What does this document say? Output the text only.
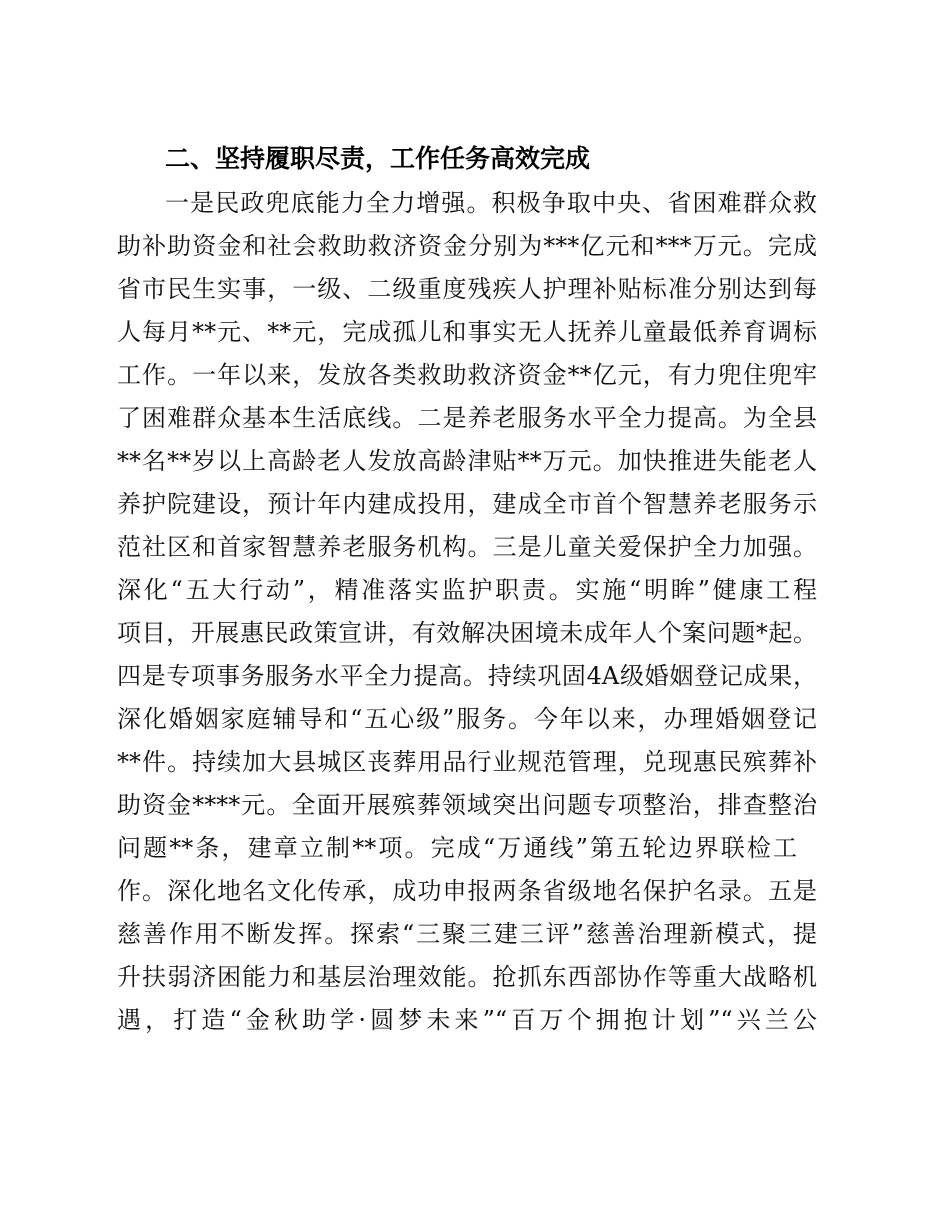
二、坚持履职尽责，工作任务高效完成
一是民政兜底能力全力增强。积极争取中央、省困难群众救
助补助资金和社会救助救济资金分别为***亿元和***万元。完成
省市民生实事，一级、二级重度残疾人护理补贴标准分别达到每
人每月**元、**元，完成孤儿和事实无人抚养儿童最低养育调标
工作。一年以来，发放各类救助救济资金**亿元，有力兜住兜牢
了困难群众基本生活底线。二是养老服务水平全力提高。为全县
**名**岁以上高龄老人发放高龄津贴**万元。加快推进失能老人
养护院建设，预计年内建成投用，建成全市首个智慧养老服务示
范社区和首家智慧养老服务机构。三是儿童关爱保护全力加强。
深化“五大行动”，精准落实监护职责。实施“明眸”健康工程
项目，开展惠民政策宣讲，有效解决困境未成年人个案问题*起。
四是专项事务服务水平全力提高。持续巩固4A级婚姻登记成果，
深化婚姻家庭辅导和“五心级”服务。今年以来，办理婚姻登记
**件。持续加大县城区丧葬用品行业规范管理，兑现惠民殡葬补
助资金****元。全面开展殡葬领域突出问题专项整治，排查整治
问题**条，建章立制**项。完成“万通线”第五轮边界联检工
作。深化地名文化传承，成功申报两条省级地名保护名录。五是
慈善作用不断发挥。探索“三聚三建三评”慈善治理新模式，提
升扶弱济困能力和基层治理效能。抢抓东西部协作等重大战略机
遇，打造“金秋助学·圆梦未来”“百万个拥抱计划”“兴兰公
